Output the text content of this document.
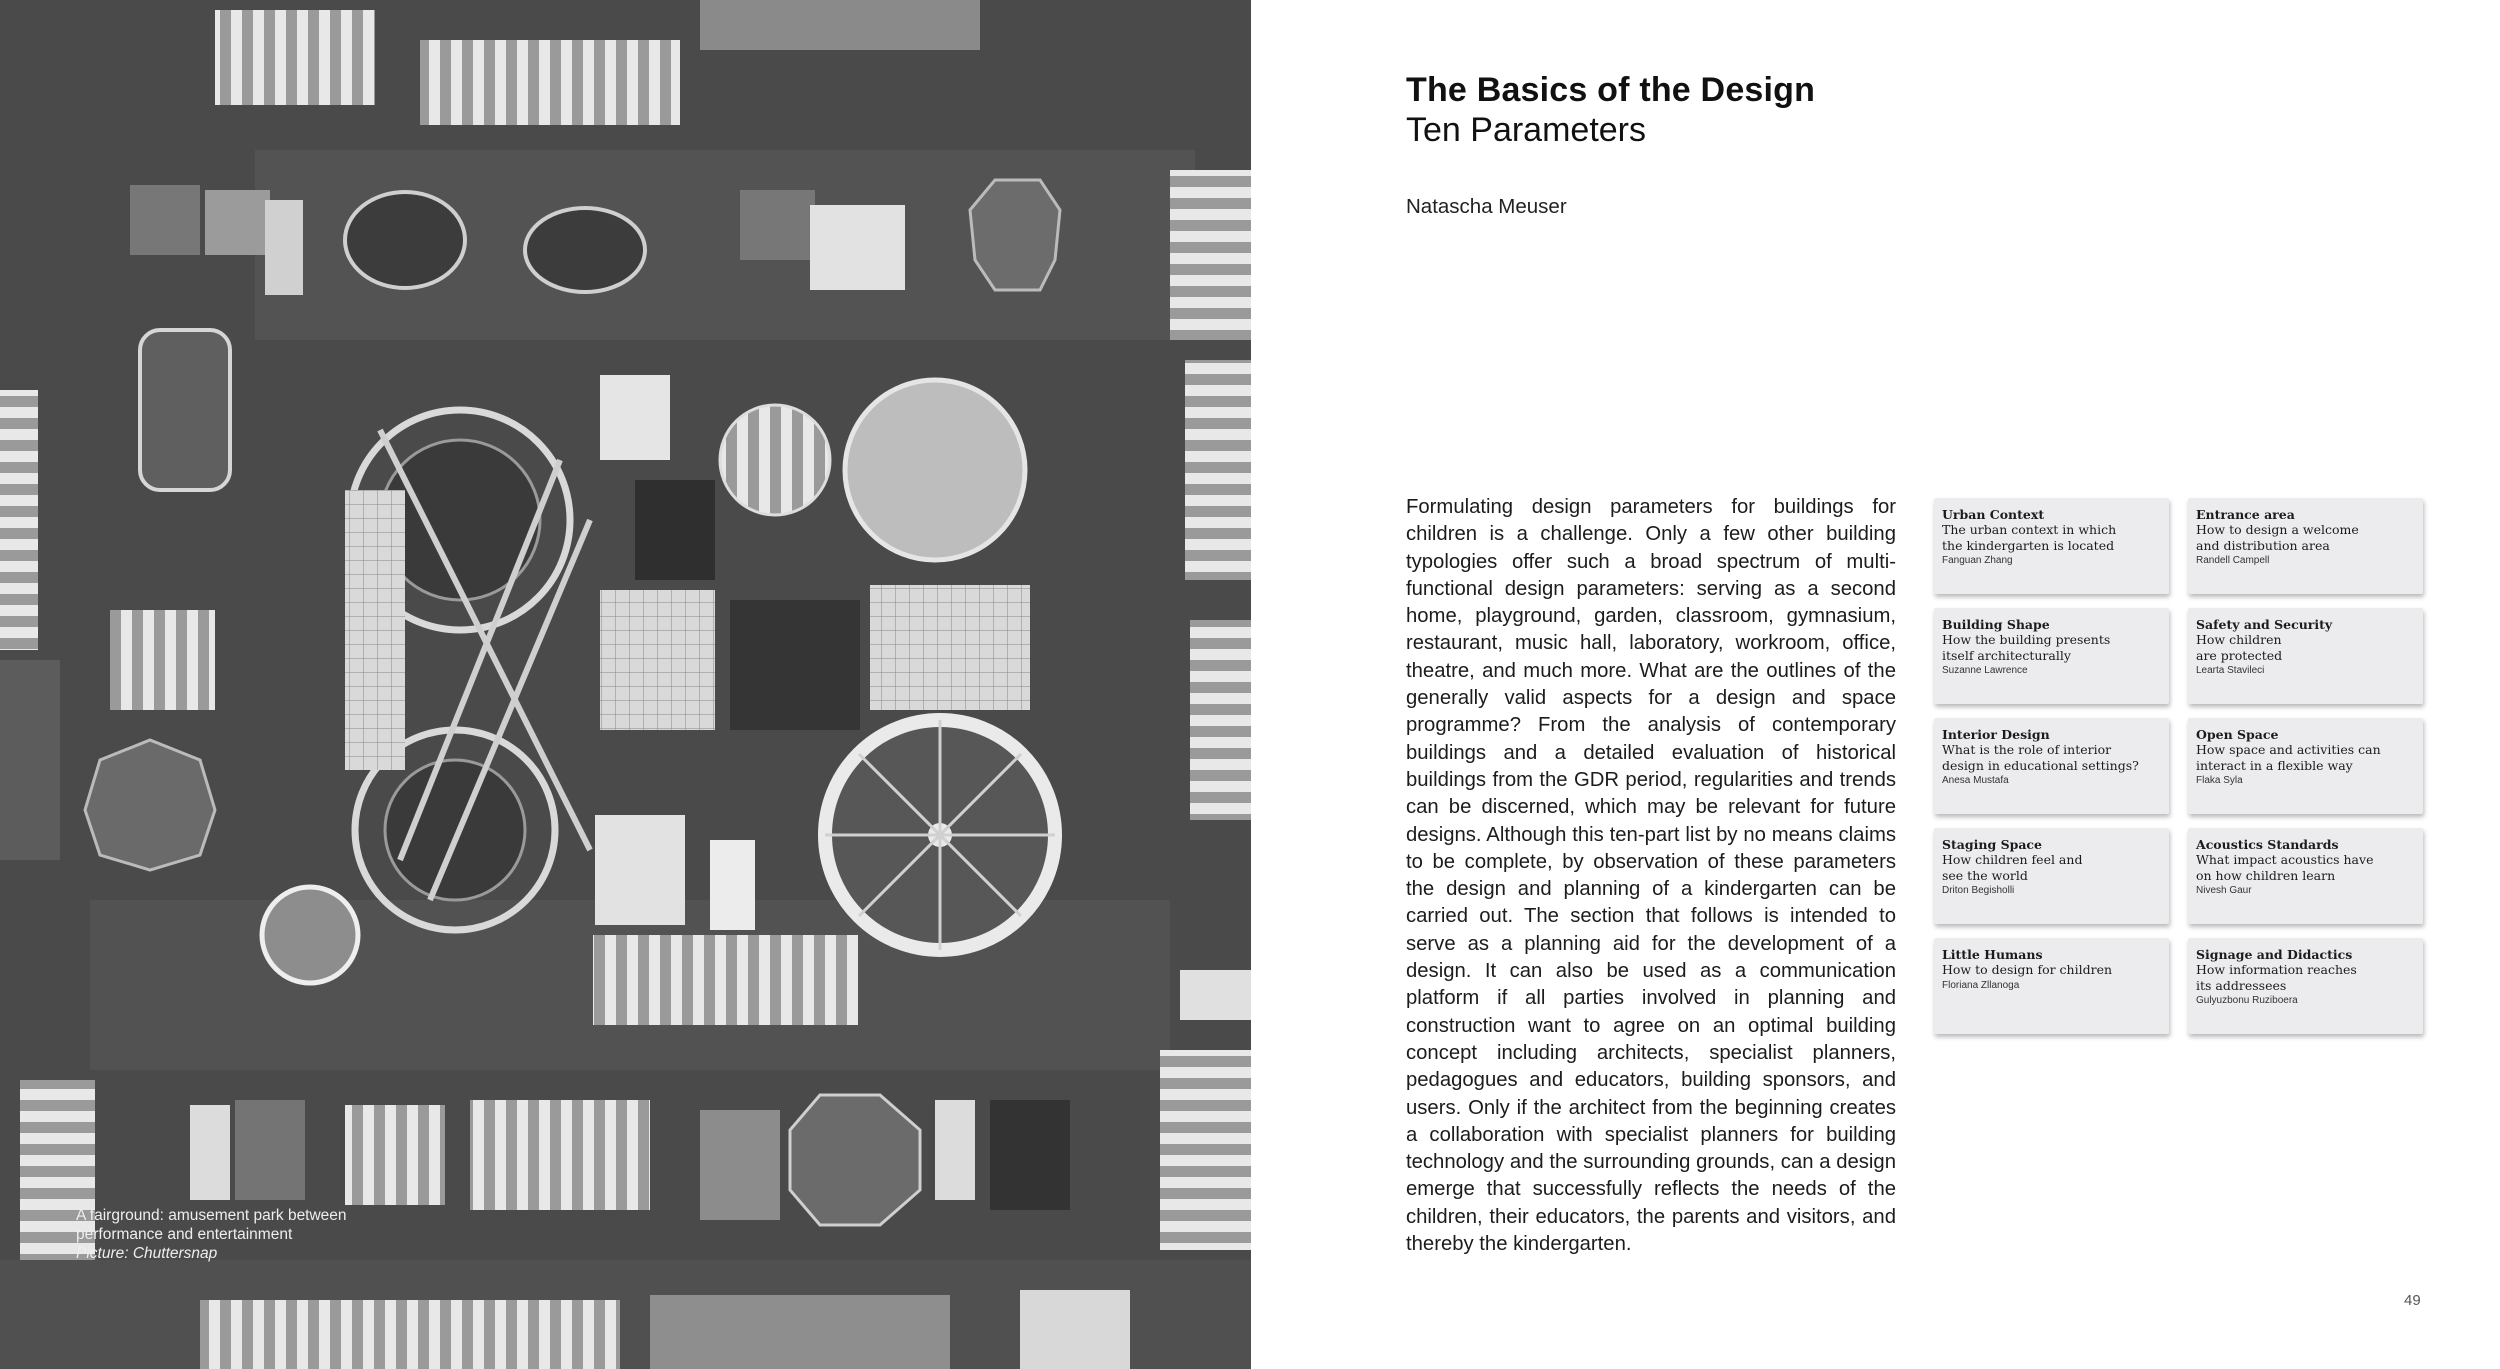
A fairground: amusement park between
performance and entertainment
Picture: Chuttersnap
The Basics of the Design
Ten Parameters
Natascha Meuser

Formulating design parameters for buildings for children is a challenge. Only a few other building typologies offer such a broad spectrum of multifunctional design parameters: serving as a second home, playground, garden, classroom, gymnasium, restaurant, music hall, laboratory, workroom, office, theatre, and much more. What are the outlines of the generally valid aspects for a design and space programme? From the analysis of contemporary buildings and a detailed evaluation of historical buildings from the GDR period, regularities and trends can be discerned, which may be relevant for future designs. Although this ten-part list by no means claims to be complete, by observation of these parameters the design and planning of a kindergarten can be carried out. The section that follows is intended to serve as a planning aid for the development of a design. It can also be used as a communication platform if all parties involved in planning and construction want to agree on an optimal building concept including architects, specialist planners, pedagogues and educators, building sponsors, and users. Only if the architect from the beginning creates a collaboration with specialist planners for building technology and the surrounding grounds, can a design emerge that successfully reflects the needs of the children, their educators, the parents and visitors, and thereby the kindergarten.

Urban Context
The urban context in which
the kindergarten is located
Fanguan Zhang
Entrance area
How to design a welcome
and distribution area
Randell Campell
Building Shape
How the building presents
itself architecturally
Suzanne Lawrence
Safety and Security
How children
are protected
Learta Stavileci
Interior Design
What is the role of interior
design in educational settings?
Anesa Mustafa
Open Space
How space and activities can
interact in a flexible way
Flaka Syla
Staging Space
How children feel and
see the world
Driton Begisholli
Acoustics Standards
What impact acoustics have
on how children learn
Nivesh Gaur
Little Humans
How to design for children
Floriana Zllanoga
Signage and Didactics
How information reaches
its addressees
Gulyuzbonu Ruziboera
49
